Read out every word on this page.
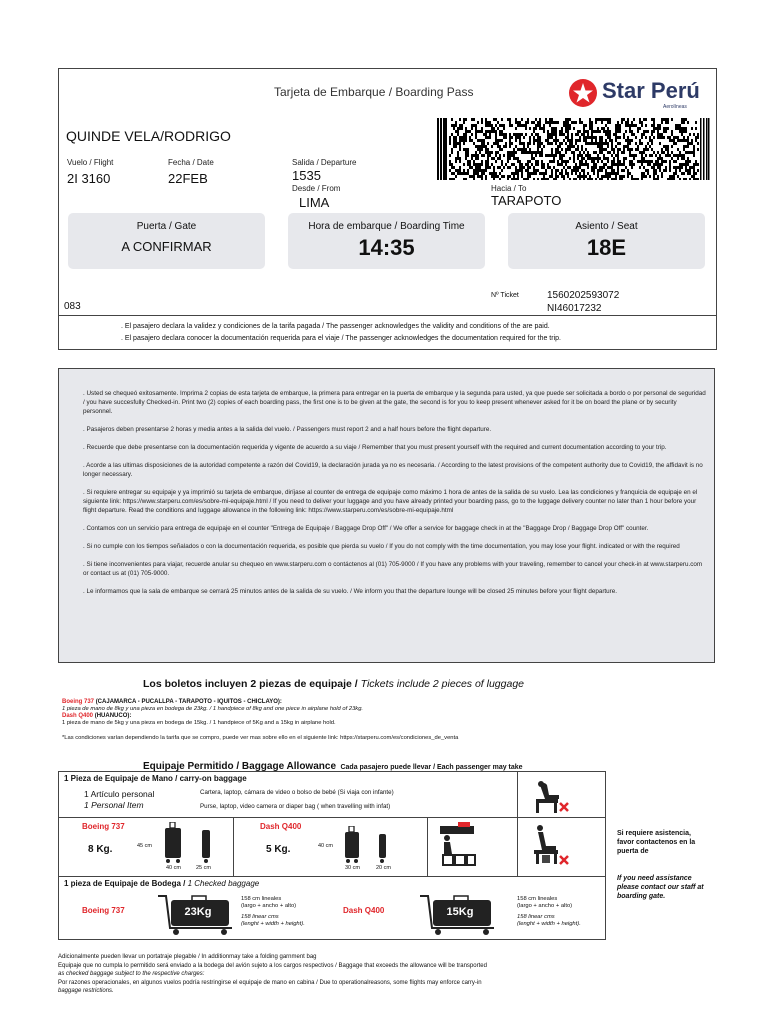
Tarjeta de Embarque / Boarding Pass	Star Perú
Aerolíneas
QUINDE VELA/RODRIGO
Vuelo / Flight
2I 3160
Fecha / Date
22FEB
Salida / Departure
1535
Desde / From
LIMA
Hacia / To
TARAPOTO
Puerta / Gate
A CONFIRMAR
Hora de embarque / Boarding Time
14:35
Asiento / Seat
18E
083
Nº Ticket	1560202593072
NI46017232
. El pasajero declara la validez y condiciones de la tarifa pagada / The passenger acknowledges the validity and conditions of the are paid.
. El pasajero declara conocer la documentación requerida para el viaje / The passenger acknowledges the documentation required for the trip.

. Usted se chequeó exitosamente. Imprima 2 copias de esta tarjeta de embarque, la primera para entregar en la puerta de embarque y la segunda para usted, ya que puede ser solicitada a bordo o por personal de seguridad / you have succesfully Checked-in. Print two (2) copies of each boarding pass, the first one is to be given at the gate, the second is for you to keep present whenever asked for it be on board the plane or by security personnel.

. Pasajeros deben presentarse 2 horas y media antes a la salida del vuelo. / Passengers must report 2 and a half hours before the flight departure.

. Recuerde que debe presentarse con la documentación requerida y vigente de acuerdo a su viaje / Remember that you must present yourself with the required and current documentation according to your trip.

. Acorde a las ultimas disposiciones de la autoridad competente a razón del Covid19, la declaración jurada ya no es necesaria. / According to the latest provisions of the competent authority due to Covid19, the affidavit is no longer necessary.

. Si requiere entregar su equipaje y ya imprimió su tarjeta de embarque, diríjase al counter de entrega de equipaje como máximo 1 hora de antes de la salida de su vuelo. Lea las condiciones y franquicia de equipaje en el siguiente link: https://www.starperu.com/es/sobre-mi-equipaje.html / If you need to deliver your luggage and you have already printed your boarding pass, go to the luggage delivery counter no later than 1 hour before your flight departure. Read the conditions and luggage allowance in the following link: https://www.starperu.com/es/sobre-mi-equipaje.html

. Contamos con un servicio para entrega de equipaje en el counter "Entrega de Equipaje / Baggage Drop Off" / We offer a service for baggage check in at the "Baggage Drop / Baggage Drop Off" counter.

. Si no cumple con los tiempos señalados o con la documentación requerida, es posible que pierda su vuelo / If you do not comply with the time documentation, you may lose your flight. indicated or with the required

. Si tiene inconvenientes para viajar, recuerde anular su chequeo en www.starperu.com o contáctenos al (01) 705-9000 / If you have any problems with your traveling, remember to cancel your check-in at www.starperu.com or contact us at (01) 705-9000.

. Le informamos que la sala de embarque se cerrará 25 minutos antes de la salida de su vuelo. / We inform you that the departure lounge will be closed 25 minutes before your flight departure.

Los boletos incluyen 2 piezas de equipaje / Tickets include 2 pieces of luggage
Boeing 737 (CAJAMARCA - PUCALLPA - TARAPOTO - IQUITOS - CHICLAYO):
1 pieza de mano de 8kg y una pieza en bodega de 23kg. / 1 handpiece of 8kg and one piece in airplane hold of 23kg.
Dash Q400 (HUANUCO):
1 pieza de mano de 5kg y una pieza en bodega de 15kg. / 1 handpiece of 5Kg and a 15kg in airplane hold.
*Las condiciones varían dependiendo la tarifa que se compro, puede ver mas sobre ello en el siguiente link: https://starperu.com/es/condiciones_de_venta
Equipaje Permitido / Baggage Allowance Cada pasajero puede llevar / Each passenger may take
1 Pieza de Equipaje de Mano / carry-on baggage
1 Artículo personal
1 Personal Item
Cartera, laptop, cámara de video o bolso de bebé (Si viaja con infante)
Purse, laptop, video camera or diaper bag ( when travelling with infat)
Boeing 737
8 Kg.	45 cm
40 cm	25 cm
Dash Q400
5 Kg.	40 cm
30 cm	20 cm
Si requiere asistencia, favor contactenos en la puerta de
If you need assistance please contact our staff at boarding gate.
1 pieza de Equipaje de Bodega / 1 Checked baggage
Boeing 737	23Kg
158 cm lineales
(largo + ancho + alto)
158 linear cms
(lenght + width + height).
Dash Q400	15Kg
158 cm lineales
(largo + ancho + alto)
158 linear cms
(lenght + width + height).
Adicionalmente pueden llevar un portatraje plegable / In additionmay take a folding garnment bag
Equipaje que no cumpla lo permitido será enviado a la bodega del avión sujeto a los cargos respectivos / Baggage that exceeds the allowance will be transported
as checked baggage subject to the respective charges:
Por razones operacionales, en algunos vuelos podría restringirse el equipaje de mano en cabina / Due to operationalreasons, some flights may enforce carry-in
baggage restrictions.
